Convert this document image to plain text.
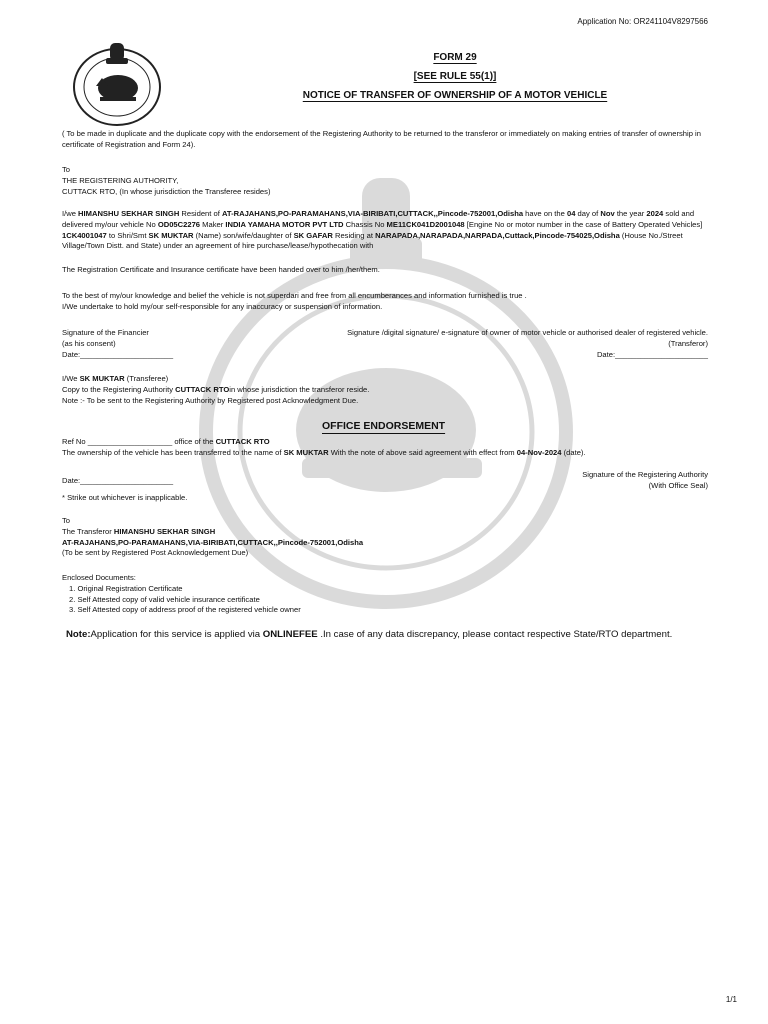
Application No: OR241104V8297566
FORM 29
[SEE RULE 55(1)]
NOTICE OF TRANSFER OF OWNERSHIP OF A MOTOR VEHICLE
( To be made in duplicate and the duplicate copy with the endorsement of the Registering Authority to be returned to the transferor or immediately on making entries of transfer of ownership in certificate of Registration and Form 24).
To
THE REGISTERING AUTHORITY,
CUTTACK RTO, (In whose jurisdiction the Transferee resides)
I/we HIMANSHU SEKHAR SINGH Resident of AT-RAJAHANS,PO-PARAMAHANS,VIA-BIRIBATI,CUTTACK,,Pincode-752001,Odisha have on the 04 day of Nov the year 2024 sold and delivered my/our vehicle No OD05C2276 Maker INDIA YAMAHA MOTOR PVT LTD Chassis No ME11CK041D2001048 [Engine No or motor number in the case of Battery Operated Vehicles] 1CK4001047 to Shri/Smt SK MUKTAR (Name) son/wife/daughter of SK GAFAR Residing at NARAPADA,NARAPADA,NARPADA,Cuttack,Pincode-754025,Odisha (House No./Street Village/Town Distt. and State) under an agreement of hire purchase/lease/hypothecation with
The Registration Certificate and Insurance certificate have been handed over to him /her/them.
To the best of my/our knowledge and belief the vehicle is not superdari and free from all encumberances and information furnished is true .
I/We undertake to hold my/our self-responsible for any inaccuracy or suspension of information.
Signature of the Financier
(as his consent)
Date:______________________
Signature /digital signature/ e-signature of owner of motor vehicle or authorised dealer of registered vehicle.
(Transferor)
Date:______________________
I/We SK MUKTAR (Transferee)
Copy to the Registering Authority CUTTACK RTOin whose jurisdiction the transferor reside.
Note :- To be sent to the Registering Authority by Registered post Acknowledgment Due.
OFFICE ENDORSEMENT
Ref No ____________________ office of the CUTTACK RTO
The ownership of the vehicle has been transferred to the name of SK MUKTAR With the note of above said agreement with effect from 04-Nov-2024 (date).
Signature of the Registering Authority
(With Office Seal)
Date:______________________
* Strike out whichever is inapplicable.
To
The Transferor HIMANSHU SEKHAR SINGH
AT-RAJAHANS,PO-PARAMAHANS,VIA-BIRIBATI,CUTTACK,,Pincode-752001,Odisha
(To be sent by Registered Post Acknowledgement Due)
Enclosed Documents:
1. Original Registration Certificate
2. Self Attested copy of valid vehicle insurance certificate
3. Self Attested copy of address proof of the registered vehicle owner
Note:Application for this service is applied via ONLINEFEE .In case of any data discrepancy, please contact respective State/RTO department.
1/1
